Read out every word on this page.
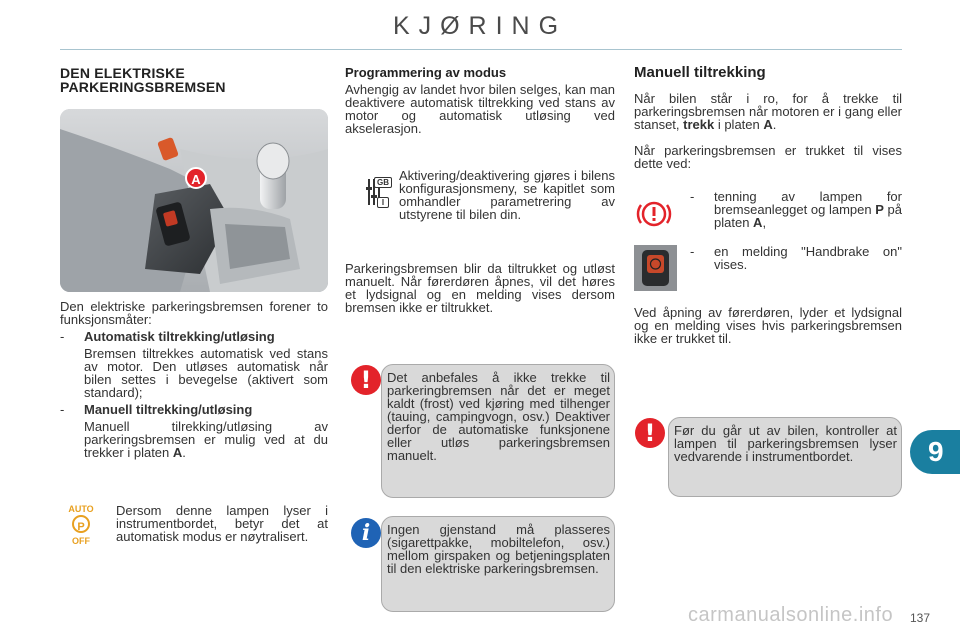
KJØRING
DEN ELEKTRISKE
PARKERINGSBREMSEN
A

Den elektriske parkeringsbremsen forener to funksjonsmåter:

- Automatisk tiltrekking/utløsing

Bremsen tiltrekkes automatisk ved stans av motor. Den utløses automatisk når bilen settes i bevegelse (aktivert som standard);

- Manuell tiltrekking/utløsing

Manuell tilrekking/utløsing av parkeringsbremsen er mulig ved at du trekker i platen A.

AUTO
P
OFF

Dersom denne lampen lyser i instrumentbordet, betyr det at automatisk modus er nøytralisert.

Programmering av modus

Avhengig av landet hvor bilen selges, kan man deaktivere automatisk tiltrekking ved stans av motor og automatisk utløsing ved akselerasjon.

GB
I

Aktivering/deaktivering gjøres i bilens konfigurasjonsmeny, se kapitlet som omhandler parametrering av utstyrene til bilen din.

Parkeringsbremsen blir da tiltrukket og utløst manuelt. Når førerdøren åpnes, vil det høres et lydsignal og en melding vises dersom bremsen ikke er tiltrukket.

Det anbefales å ikke trekke til parkeringbremsen når det er meget kaldt (frost) ved kjøring med tilhenger (tauing, campingvogn, osv.) Deaktiver derfor de automatiske funksjonene eller utløs parkeringsbremsen manuelt.
!
Ingen gjenstand må plasseres (sigarettpakke, mobiltelefon, osv.) mellom girspaken og betjeningsplaten til den elektriske parkeringsbremsen.
i
Manuell tiltrekking

Når bilen står i ro, for å trekke til parkeringsbremsen når motoren er i gang eller stanset, trekk i platen A.

Når parkeringsbremsen er trukket til vises dette ved:

-	tenning av lampen for bremseanlegget og lampen P på platen A,

-	en melding "Handbrake on" vises.

Ved åpning av førerdøren, lyder et lydsignal og en melding vises hvis parkeringsbremsen ikke er trukket til.

Før du går ut av bilen, kontroller at lampen til parkeringsbremsen lyser vedvarende i instrumentbordet.
!
9
carmanualsonline.info 137
